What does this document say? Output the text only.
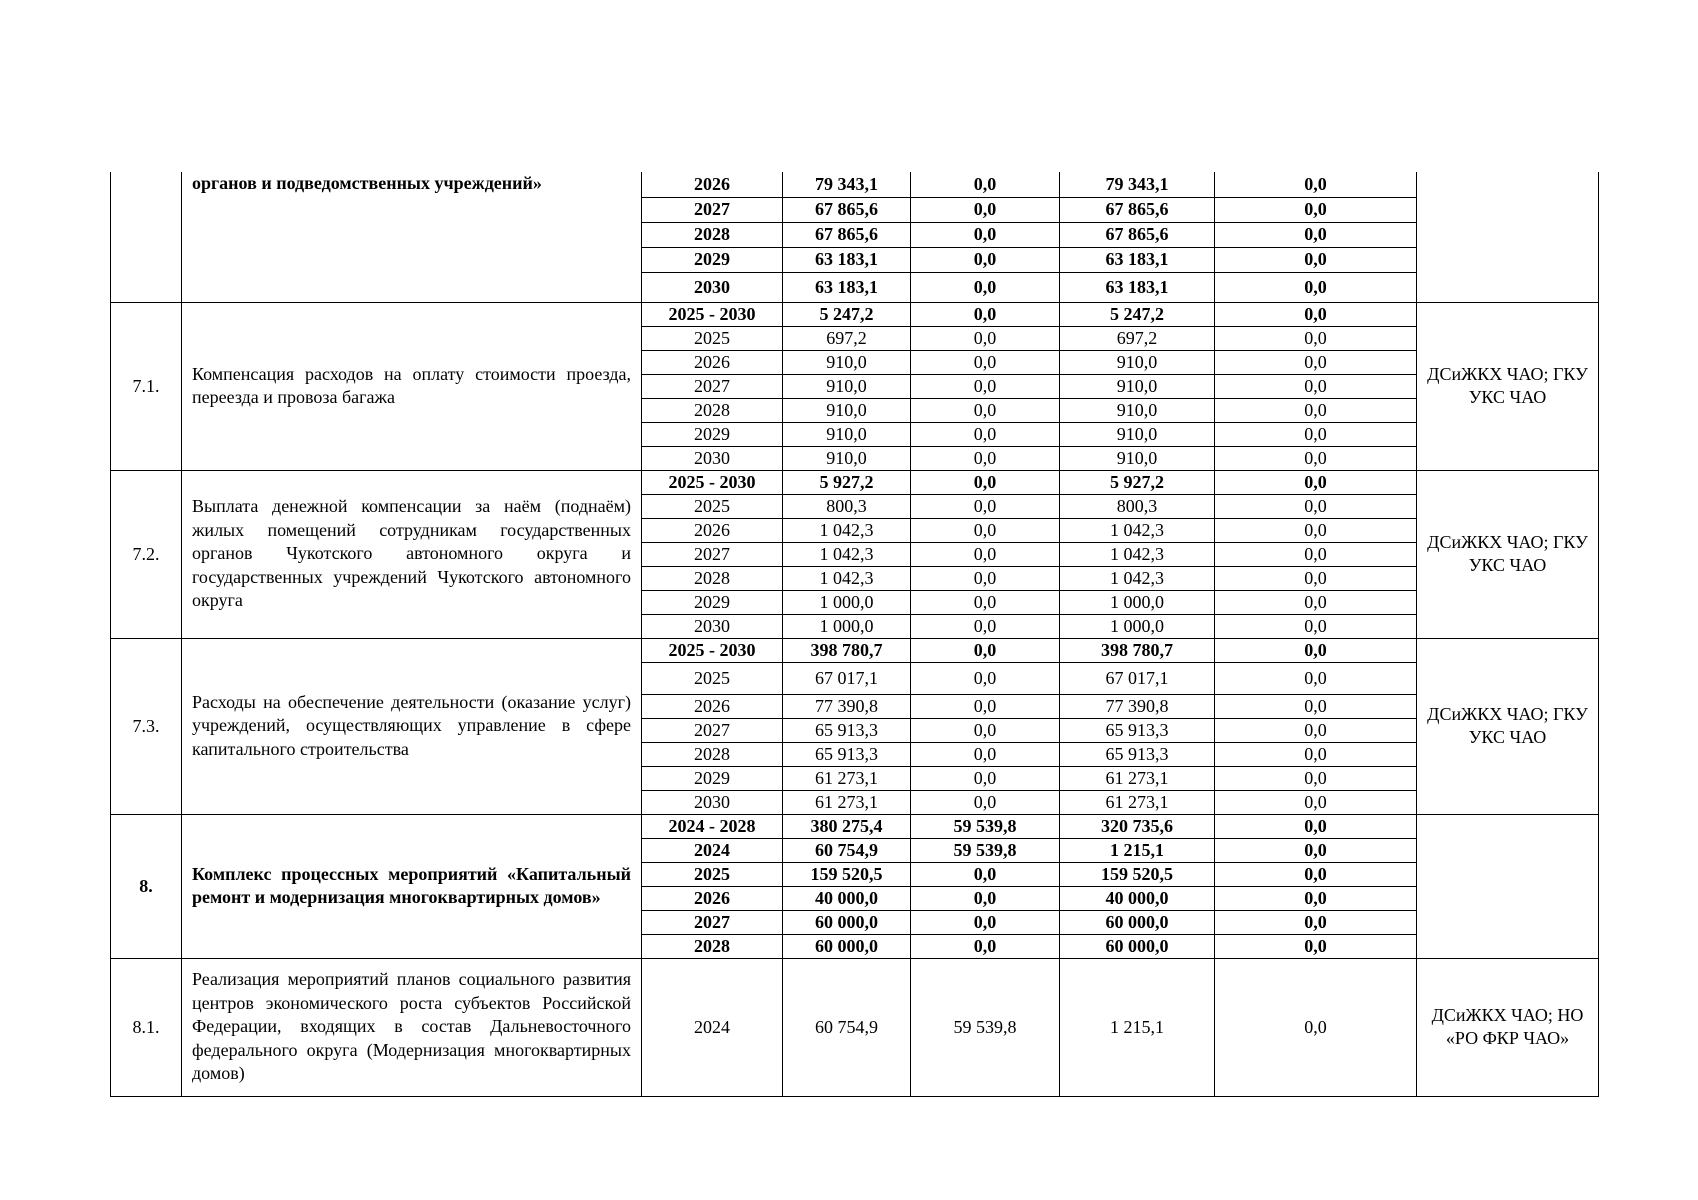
	органов и подведомственных учреждений»	2026	79 343,1	0,0	79 343,1	0,0	
		2027	67 865,6	0,0	67 865,6	0,0	
		2028	67 865,6	0,0	67 865,6	0,0	
		2029	63 183,1	0,0	63 183,1	0,0	
		2030	63 183,1	0,0	63 183,1	0,0	
7.1.	Компенсация расходов на оплату стоимости проезда, переезда и провоза багажа	2025 - 2030	5 247,2	0,0	5 247,2	0,0	ДСиЖКХ ЧАО; ГКУ УКС ЧАО
		2025	697,2	0,0	697,2	0,0	
		2026	910,0	0,0	910,0	0,0	
		2027	910,0	0,0	910,0	0,0	
		2028	910,0	0,0	910,0	0,0	
		2029	910,0	0,0	910,0	0,0	
		2030	910,0	0,0	910,0	0,0	
7.2.	Выплата денежной компенсации за наём (поднаём) жилых помещений сотрудникам государственных органов Чукотского автономного округа и государственных учреждений Чукотского автономного округа	2025 - 2030	5 927,2	0,0	5 927,2	0,0	ДСиЖКХ ЧАО; ГКУ УКС ЧАО
		2025	800,3	0,0	800,3	0,0	
		2026	1 042,3	0,0	1 042,3	0,0	
		2027	1 042,3	0,0	1 042,3	0,0	
		2028	1 042,3	0,0	1 042,3	0,0	
		2029	1 000,0	0,0	1 000,0	0,0	
		2030	1 000,0	0,0	1 000,0	0,0	
7.3.	Расходы на обеспечение деятельности (оказание услуг) учреждений, осуществляющих управление в сфере капитального строительства	2025 - 2030	398 780,7	0,0	398 780,7	0,0	ДСиЖКХ ЧАО; ГКУ УКС ЧАО
		2025	67 017,1	0,0	67 017,1	0,0	
		2026	77 390,8	0,0	77 390,8	0,0	
		2027	65 913,3	0,0	65 913,3	0,0	
		2028	65 913,3	0,0	65 913,3	0,0	
		2029	61 273,1	0,0	61 273,1	0,0	
		2030	61 273,1	0,0	61 273,1	0,0	
8.	Комплекс процессных мероприятий «Капитальный ремонт и модернизация многоквартирных домов»	2024 - 2028	380 275,4	59 539,8	320 735,6	0,0	
		2024	60 754,9	59 539,8	1 215,1	0,0	
		2025	159 520,5	0,0	159 520,5	0,0	
		2026	40 000,0	0,0	40 000,0	0,0	
		2027	60 000,0	0,0	60 000,0	0,0	
		2028	60 000,0	0,0	60 000,0	0,0	
8.1.	Реализация мероприятий планов социального развития центров экономического роста субъектов Российской Федерации, входящих в состав Дальневосточного федерального округа (Модернизация многоквартирных домов)	2024	60 754,9	59 539,8	1 215,1	0,0	ДСиЖКХ ЧАО; НО «РО ФКР ЧАО»
